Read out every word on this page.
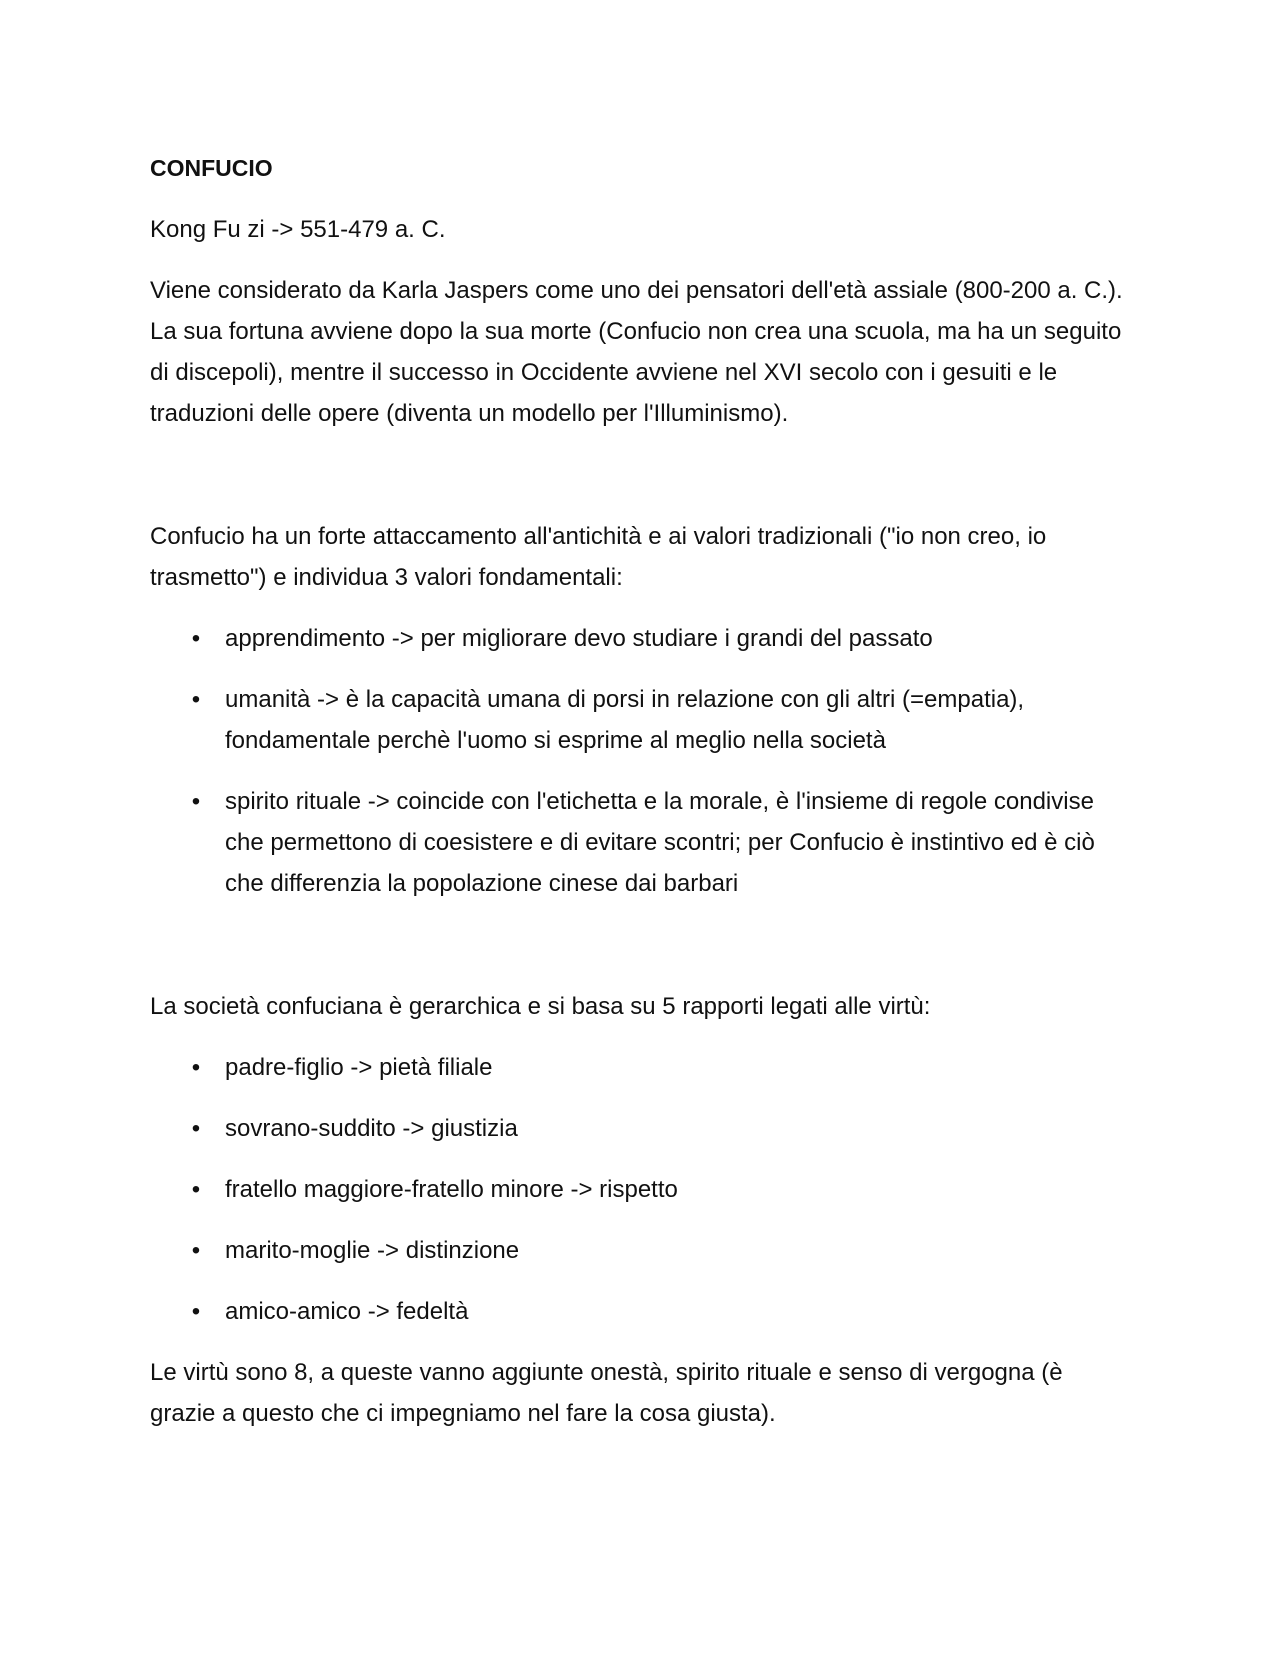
CONFUCIO

Kong Fu zi -> 551-479 a. C.

Viene considerato da Karla Jaspers come uno dei pensatori dell'età assiale (800-200 a. C.). La sua fortuna avviene dopo la sua morte (Confucio non crea una scuola, ma ha un seguito di discepoli), mentre il successo in Occidente avviene nel XVI secolo con i gesuiti e le traduzioni delle opere (diventa un modello per l'Illuminismo).

Confucio ha un forte attaccamento all'antichità e ai valori tradizionali ("io non creo, io trasmetto") e individua 3 valori fondamentali:

• apprendimento -> per migliorare devo studiare i grandi del passato
• umanità -> è la capacità umana di porsi in relazione con gli altri (=empatia), fondamentale perchè l'uomo si esprime al meglio nella società
• spirito rituale -> coincide con l'etichetta e la morale, è l'insieme di regole condivise che permettono di coesistere e di evitare scontri; per Confucio è instintivo ed è ciò che differenzia la popolazione cinese dai barbari

La società confuciana è gerarchica e si basa su 5 rapporti legati alle virtù:

• padre-figlio -> pietà filiale
• sovrano-suddito -> giustizia
• fratello maggiore-fratello minore -> rispetto
• marito-moglie -> distinzione
• amico-amico -> fedeltà

Le virtù sono 8, a queste vanno aggiunte onestà, spirito rituale e senso di vergogna (è grazie a questo che ci impegniamo nel fare la cosa giusta).
